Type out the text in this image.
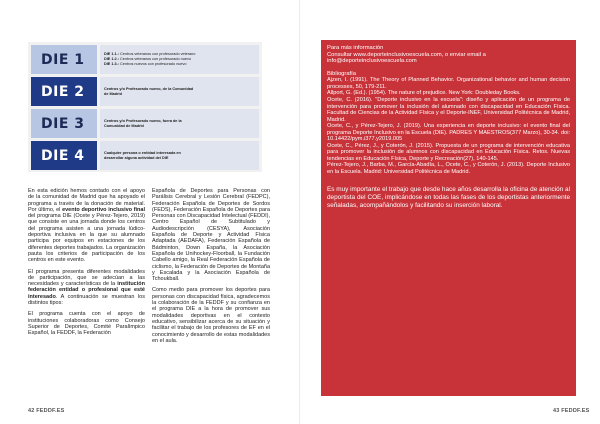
DIE 1	DIE 1.1.: Centros veteranos con profesorado veterano
DIE 1.2.: Centros veteranos con profesorado nuevo
DIE 1.3.: Centros nuevos con profesorado nuevo
DIE 2	Centros y/o Profesorado nuevo, de la Comunidad
de Madrid
DIE 3	Centros y/o Profesorado nuevo, fuera de la
Comunidad de Madrid
DIE 4	Cualquier persona o entidad interesada en
desarrollar alguna actividad del DIE

En esta edición hemos contado con el apoyo de la comunidad de Madrid que ha apoyado el programa a través de la donación de material. Por último, el evento deportivo inclusivo final del programa DIE (Ocete y Pérez-Tejero, 2019) que consiste en una jornada donde los centros del programa asisten a una jornada lúdico-deportiva inclusiva en la que su alumnado participa por equipos en estaciones de los diferentes deportes trabajados. La organización pauta los criterios de participación de los centros en este evento.

El programa presenta diferentes modalidades de participación, que se adecúan a las necesidades y características de la institución federación entidad o profesional que esté interesado. A continuación se muestran los distintos tipos:

El programa cuenta con el apoyo de instituciones colaboradoras como Consejo Superior de Deportes, Comité Paralímpico Español, la FEDDF, la Federación

Española de Deportes para Personas con Parálisis Cerebral y Lesión Cerebral (FEDPC), Federación Española de Deportes de Sordos (FEDS), Federación Española de Deportes para Personas con Discapacidad Intelectual (FEDDI), Centro Español de Subtitulado y Audiodescripción (CESYA), Asociación Española de Deporte y Actividad Física Adaptada (AEDAFA), Federación Española de Bádminton, Down España, la Asociación Española de Unihockey-Floorball, la Fundación Cabello amigo, la Real Federación Española de ciclismo, la Federación de Deportes de Montaña y Escalada y la Asociación Española de Tchoukball.

Como medio para promover los deportes para personas con discapacidad física, agradecemos la colaboración de la FEDDF y su confianza en el programa DIE a la hora de promover sus modalidades deportivas en el contexto educativo, sensibilizar acerca de su situación y facilitar el trabajo de los profesores de EF en el conocimiento y desarrollo de estas modalidades en el aula.

42 FEDDF.ES	43 FEDDF.ES
Para más información
Consultar www.deporteinclusivoescuela.com, o enviar email a info@deporteinclusivoescuela.com
Bibliografía
Ajzen, I. (1991). The Theory of Planned Behavior. Organizational behavior and human decision processes, 50, 179-211.
Allport, G. (Ed.). (1954). The nature of prejudice. New York: Doubleday Books.
Ocete, C. (2016). "Deporte inclusivo en la escuela": diseño y aplicación de un programa de intervención para promover la inclusión del alumnado con discapacidad en Educación Física. Facultad de Ciencias de la Actividad Física y el Deporte-INEF, Universidad Politécnica de Madrid, Madrid.
Ocete, C., y Pérez-Tejero, J. (2019). Una experiencia en deporte inclusivo: el evento final del programa Deporte Inclusivo en la Escuela (DIE). PADRES Y MAESTROS(377 Marzo), 30-34. doi: 10.14422/pym.i377.y2019.005
Ocete, C., Pérez, J., y Coterón, J. (2015). Propuesta de un programa de intervención educativa para promover la inclusión de alumnos con discapacidad en Educación Física. Retos. Nuevas tendencias en Educación Física, Deporte y Recreación(27), 140-145.
Pérez-Tejero, J., Barba, M., García-Abadía, L., Ocete, C., y Coterón, J. (2013). Deporte Inclusivo en la Escuela. Madrid: Universidad Politécnica de Madrid.
Es muy importante el trabajo que desde hace años desarrolla la oficina de atención al deportista del COE, implicándose en todas las fases de los deportistas anteriormente señaladas, acompañándolos y facilitando su inserción laboral.
